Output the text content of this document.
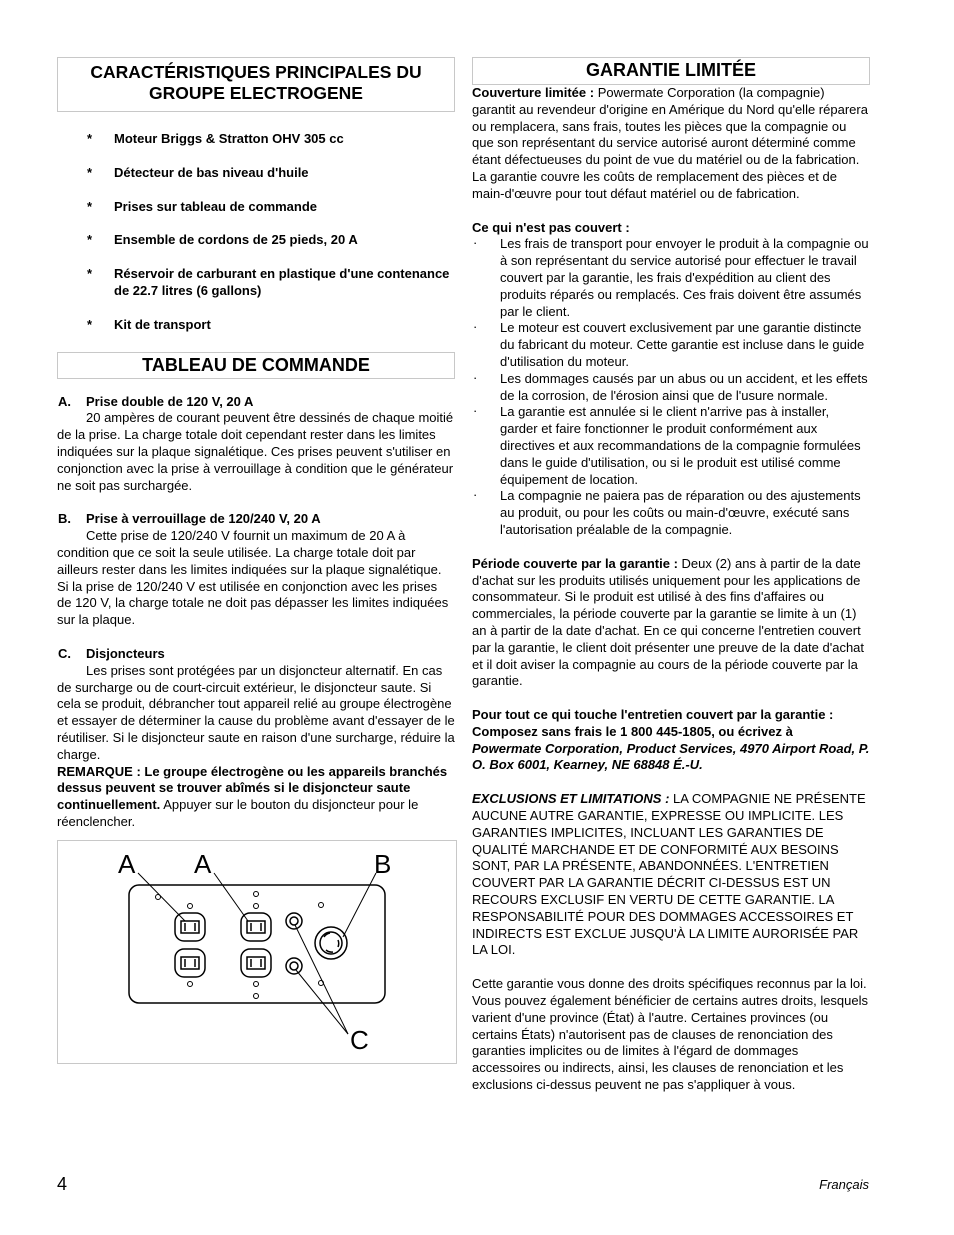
CARACTÉRISTIQUES PRINCIPALES DU GROUPE ELECTROGENE
* Moteur Briggs & Stratton OHV 305 cc
* Détecteur de bas niveau d'huile
* Prises sur tableau de commande
* Ensemble de cordons de 25 pieds, 20 A
* Réservoir de carburant en plastique d'une contenance de 22.7 litres (6 gallons)
* Kit de transport
TABLEAU DE COMMANDE
A. Prise double de 120 V, 20 A

20 ampères de courant peuvent être dessinés de chaque moitié de la prise. La charge totale doit cependant rester dans les limites indiquées sur la plaque signalétique. Ces prises peuvent s'utiliser en conjonction avec la prise à verrouillage à condition que le générateur ne soit pas surchargée.

B. Prise à verrouillage de 120/240 V, 20 A

Cette prise de 120/240 V fournit un maximum de 20 A à condition que ce soit la seule utilisée. La charge totale doit par ailleurs rester dans les limites indiquées sur la plaque signalétique. Si la prise de 120/240 V est utilisée en conjonction avec les prises de 120 V, la charge totale ne doit pas dépasser les limites indiquées sur la plaque.

C. Disjoncteurs

Les prises sont protégées par un disjoncteur alternatif. En cas de surcharge ou de court-circuit extérieur, le disjoncteur saute. Si cela se produit, débrancher tout appareil relié au groupe électrogène et essayer de déterminer la cause du problème avant d'essayer de le réutiliser. Si le disjoncteur saute en raison d'une surcharge, réduire la charge.

REMARQUE : Le groupe électrogène ou les appareils branchés dessus peuvent se trouver abîmés si le disjoncteur saute continuellement. Appuyer sur le bouton du disjoncteur pour le réenclencher.

A A	B
C
GARANTIE LIMITÉE

Couverture limitée : Powermate Corporation (la compagnie) garantit au revendeur d'origine en Amérique du Nord qu'elle réparera ou remplacera, sans frais, toutes les pièces que la compagnie ou que son représentant du service autorisé auront déterminé comme étant défectueuses du point de vue du matériel ou de la fabrication. La garantie couvre les coûts de remplacement des pièces et de main-d'œuvre pour tout défaut matériel ou de fabrication.

Ce qui n'est pas couvert :
· Les frais de transport pour envoyer le produit à la compagnie ou à son représentant du service autorisé pour effectuer le travail couvert par la garantie, les frais d'expédition au client des produits réparés ou remplacés. Ces frais doivent être assumés par le client.
· Le moteur est couvert exclusivement par une garantie distincte du fabricant du moteur. Cette garantie est incluse dans le guide d'utilisation du moteur.
· Les dommages causés par un abus ou un accident, et les effets de la corrosion, de l'érosion ainsi que de l'usure normale.
· La garantie est annulée si le client n'arrive pas à installer, garder et faire fonctionner le produit conformément aux directives et aux recommandations de la compagnie formulées dans le guide d'utilisation, ou si le produit est utilisé comme équipement de location.
· La compagnie ne paiera pas de réparation ou des ajustements au produit, ou pour les coûts ou main-d'œuvre, exécuté sans l'autorisation préalable de la compagnie.

Période couverte par la garantie : Deux (2) ans à partir de la date d'achat sur les produits utilisés uniquement pour les applications de consommateur. Si le produit est utilisé à des fins d'affaires ou commerciales, la période couverte par la garantie se limite à un (1) an à partir de la date d'achat. En ce qui concerne l'entretien couvert par la garantie, le client doit présenter une preuve de la date d'achat et il doit aviser la compagnie au cours de la période couverte par la garantie.

Pour tout ce qui touche l'entretien couvert par la garantie : Composez sans frais le 1 800 445-1805, ou écrivez à
Powermate Corporation, Product Services, 4970 Airport Road, P. O. Box 6001, Kearney, NE 68848 É.-U.

EXCLUSIONS ET LIMITATIONS : LA COMPAGNIE NE PRÉSENTE AUCUNE AUTRE GARANTIE, EXPRESSE OU IMPLICITE. LES GARANTIES IMPLICITES, INCLUANT LES GARANTIES DE QUALITÉ MARCHANDE ET DE CONFORMITÉ AUX BESOINS SONT, PAR LA PRÉSENTE, ABANDONNÉES. L'ENTRETIEN COUVERT PAR LA GARANTIE DÉCRIT CI-DESSUS EST UN RECOURS EXCLUSIF EN VERTU DE CETTE GARANTIE. LA RESPONSABILITÉ POUR DES DOMMAGES ACCESSOIRES ET INDIRECTS EST EXCLUE JUSQU'À LA LIMITE AURORISÉE PAR LA LOI.

Cette garantie vous donne des droits spécifiques reconnus par la loi. Vous pouvez également bénéficier de certains autres droits, lesquels varient d'une province (État) à l'autre. Certaines provinces (ou certains États) n'autorisent pas de clauses de renonciation des garanties implicites ou de limites à l'égard de dommages accessoires ou indirects, ainsi, les clauses de renonciation et les exclusions ci-dessus peuvent ne pas s'appliquer à vous.

4	Français
